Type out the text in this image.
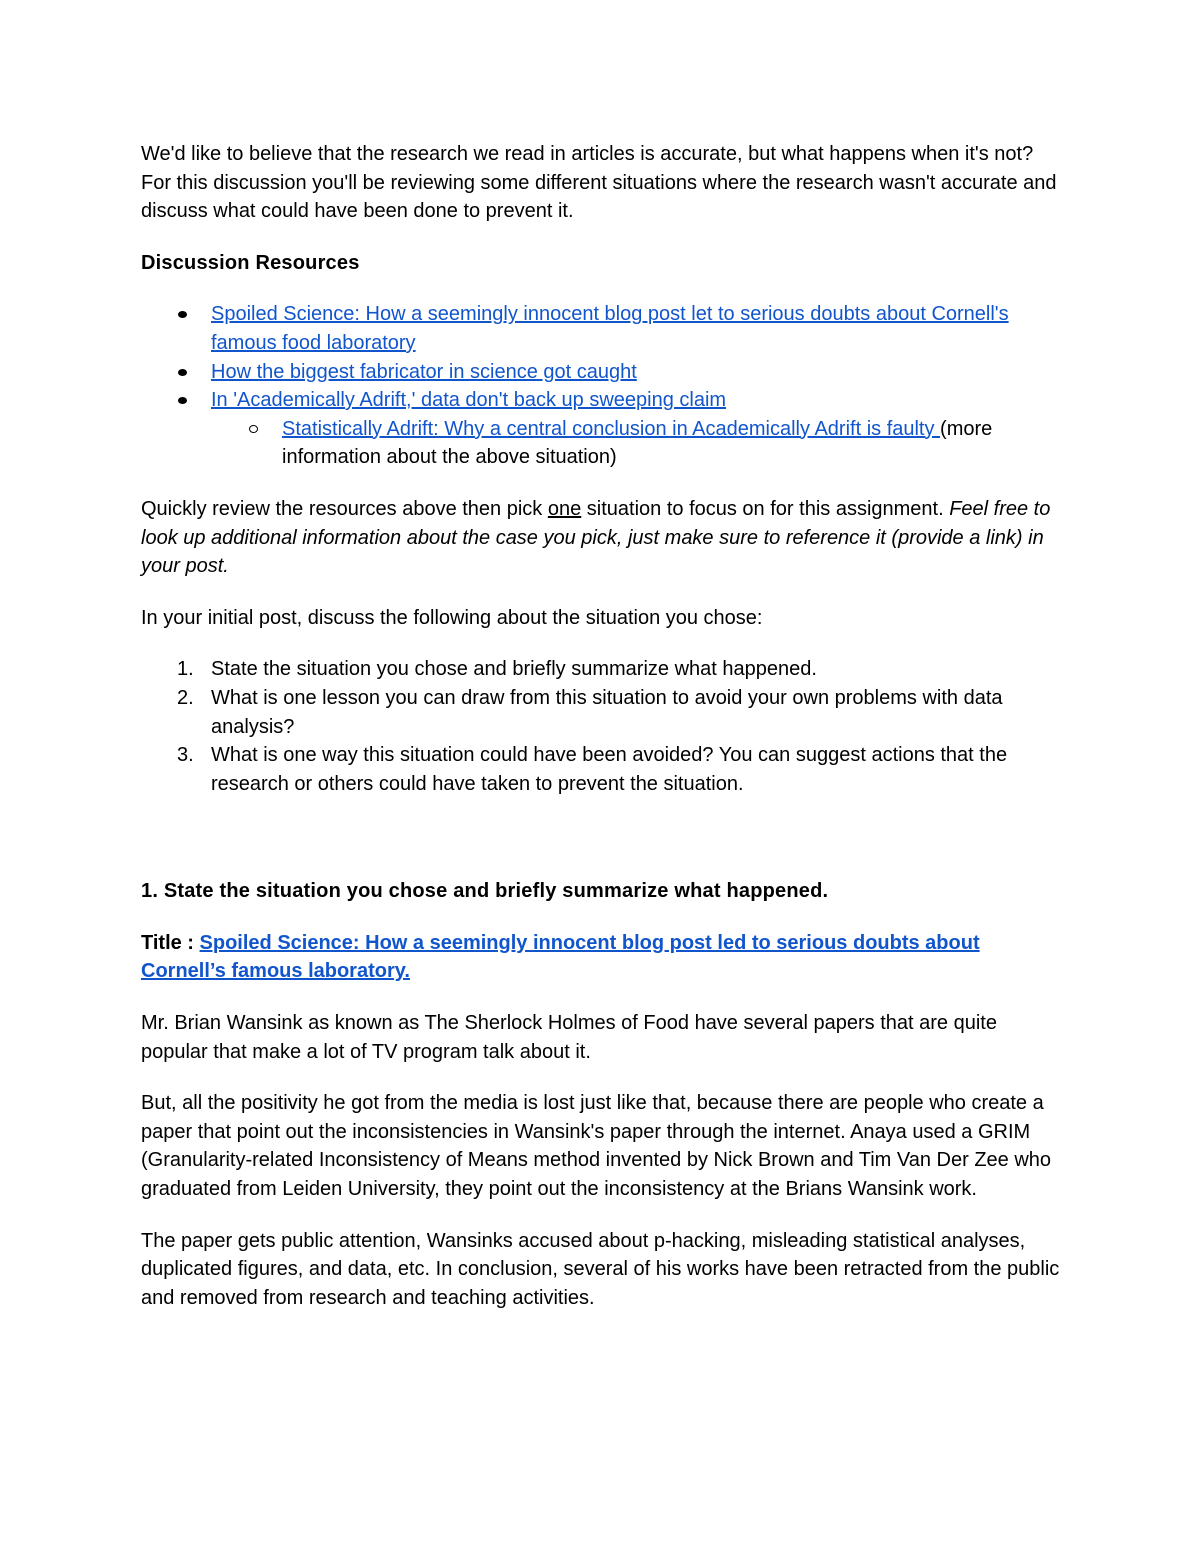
We'd like to believe that the research we read in articles is accurate, but what happens when it's not? For this discussion you'll be reviewing some different situations where the research wasn't accurate and discuss what could have been done to prevent it.

Discussion Resources

Spoiled Science: How a seemingly innocent blog post let to serious doubts about Cornell's famous food laboratory
How the biggest fabricator in science got caught
In 'Academically Adrift,' data don't back up sweeping claim
Statistically Adrift: Why a central conclusion in Academically Adrift is faulty (more information about the above situation)

Quickly review the resources above then pick one situation to focus on for this assignment. Feel free to look up additional information about the case you pick, just make sure to reference it (provide a link) in your post.

In your initial post, discuss the following about the situation you chose:

1. State the situation you chose and briefly summarize what happened.
2. What is one lesson you can draw from this situation to avoid your own problems with data analysis?
3. What is one way this situation could have been avoided? You can suggest actions that the research or others could have taken to prevent the situation.

1. State the situation you chose and briefly summarize what happened.

Title : Spoiled Science: How a seemingly innocent blog post led to serious doubts about Cornell’s famous laboratory.

Mr. Brian Wansink as known as The Sherlock Holmes of Food have several papers that are quite popular that make a lot of TV program talk about it.

But, all the positivity he got from the media is lost just like that, because there are people who create a paper that point out the inconsistencies in Wansink's paper through the internet. Anaya used a GRIM (Granularity-related Inconsistency of Means method invented by Nick Brown and Tim Van Der Zee who graduated from Leiden University, they point out the inconsistency at the Brians Wansink work.

The paper gets public attention, Wansinks accused about p-hacking, misleading statistical analyses, duplicated figures, and data, etc. In conclusion, several of his works have been retracted from the public and removed from research and teaching activities.
